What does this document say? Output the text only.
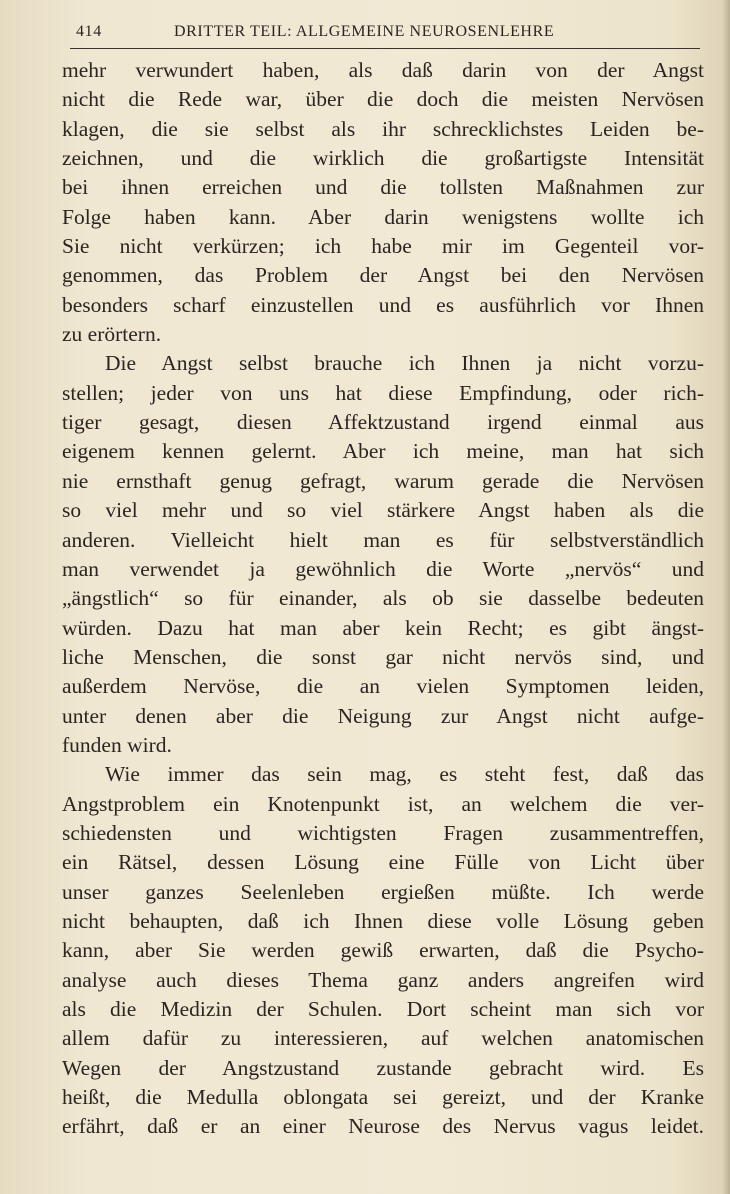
414	DRITTER TEIL: ALLGEMEINE NEUROSENLEHRE
mehr verwundert haben, als daß darin von der Angst
nicht die Rede war, über die doch die meisten Nervösen
klagen, die sie selbst als ihr schrecklichstes Leiden be-
zeichnen, und die wirklich die großartigste Intensität
bei ihnen erreichen und die tollsten Maßnahmen zur
Folge haben kann. Aber darin wenigstens wollte ich
Sie nicht verkürzen; ich habe mir im Gegenteil vor-
genommen, das Problem der Angst bei den Nervösen
besonders scharf einzustellen und es ausführlich vor Ihnen
zu erörtern.
Die Angst selbst brauche ich Ihnen ja nicht vorzu-
stellen; jeder von uns hat diese Empfindung, oder rich-
tiger gesagt, diesen Affektzustand irgend einmal aus
eigenem kennen gelernt. Aber ich meine, man hat sich
nie ernsthaft genug gefragt, warum gerade die Nervösen
so viel mehr und so viel stärkere Angst haben als die
anderen. Vielleicht hielt man es für selbstverständlich
man verwendet ja gewöhnlich die Worte „nervös“ und
„ängstlich“ so für einander, als ob sie dasselbe bedeuten
würden. Dazu hat man aber kein Recht; es gibt ängst-
liche Menschen, die sonst gar nicht nervös sind, und
außerdem Nervöse, die an vielen Symptomen leiden,
unter denen aber die Neigung zur Angst nicht aufge-
funden wird.
Wie immer das sein mag, es steht fest, daß das
Angstproblem ein Knotenpunkt ist, an welchem die ver-
schiedensten und wichtigsten Fragen zusammentreffen,
ein Rätsel, dessen Lösung eine Fülle von Licht über
unser ganzes Seelenleben ergießen müßte. Ich werde
nicht behaupten, daß ich Ihnen diese volle Lösung geben
kann, aber Sie werden gewiß erwarten, daß die Psycho-
analyse auch dieses Thema ganz anders angreifen wird
als die Medizin der Schulen. Dort scheint man sich vor
allem dafür zu interessieren, auf welchen anatomischen
Wegen der Angstzustand zustande gebracht wird. Es
heißt, die Medulla oblongata sei gereizt, und der Kranke
erfährt, daß er an einer Neurose des Nervus vagus leidet.
